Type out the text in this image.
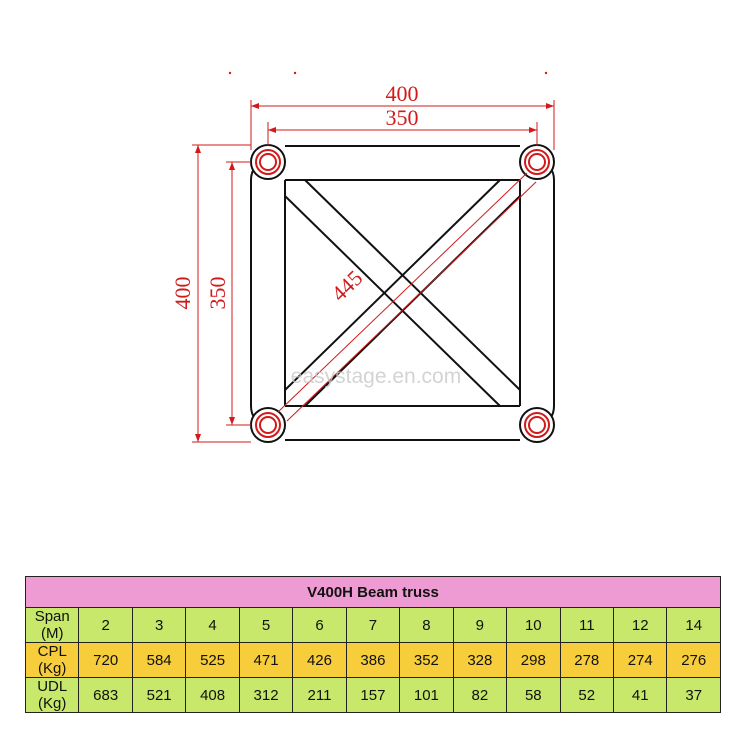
400
350
400 350	445
easystage.en.com
V400H Beam truss												
Span (M)	2	3	4	5	6	7	8	9	10	11	12	14
CPL (Kg)	720	584	525	471	426	386	352	328	298	278	274	276
UDL (Kg)	683	521	408	312	211	157	101	82	58	52	41	37
